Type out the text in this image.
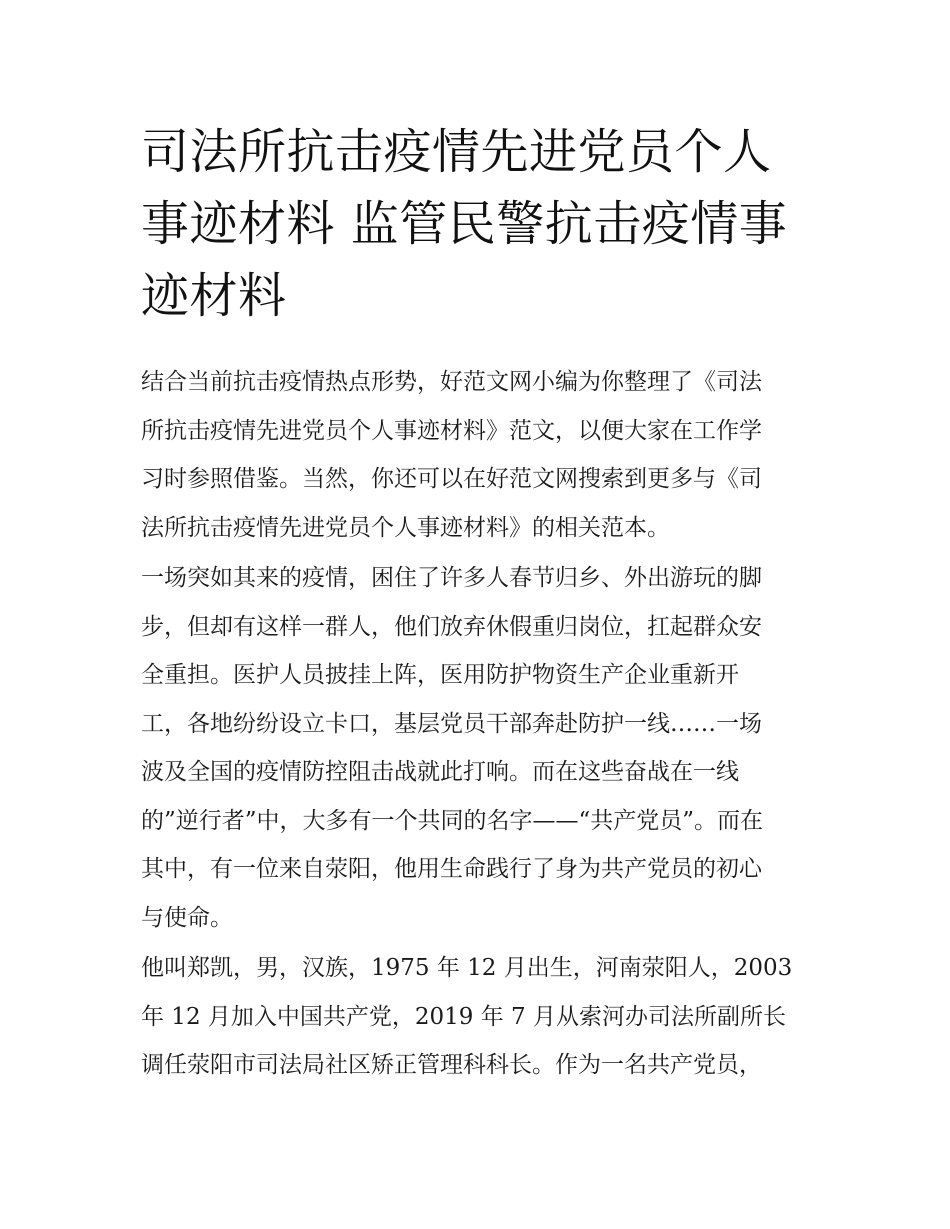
司法所抗击疫情先进党员个人
事迹材料 监管民警抗击疫情事
迹材料
结合当前抗击疫情热点形势，好范文网小编为你整理了《司法
所抗击疫情先进党员个人事迹材料》范文，以便大家在工作学
习时参照借鉴。当然，你还可以在好范文网搜索到更多与《司
法所抗击疫情先进党员个人事迹材料》的相关范本。
一场突如其来的疫情，困住了许多人春节归乡、外出游玩的脚
步，但却有这样一群人，他们放弃休假重归岗位，扛起群众安
全重担。医护人员披挂上阵，医用防护物资生产企业重新开
工，各地纷纷设立卡口，基层党员干部奔赴防护一线……一场
波及全国的疫情防控阻击战就此打响。而在这些奋战在一线
的”逆行者”中，大多有一个共同的名字——“共产党员”。而在
其中，有一位来自荥阳，他用生命践行了身为共产党员的初心
与使命。
他叫郑凯，男，汉族，1975 年 12 月出生，河南荥阳人，2003
年 12 月加入中国共产党，2019 年 7 月从索河办司法所副所长
调任荥阳市司法局社区矫正管理科科长。作为一名共产党员，
